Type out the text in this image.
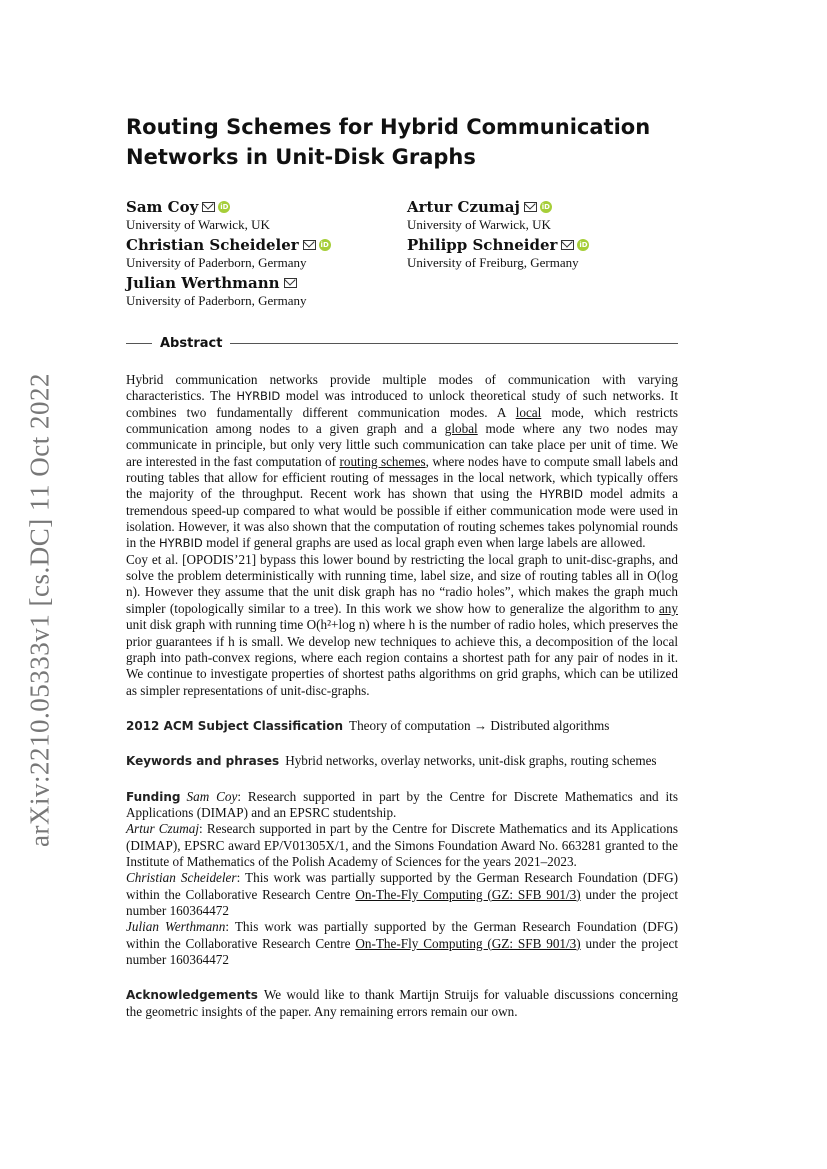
arXiv:2210.05333v1 [cs.DC] 11 Oct 2022
Routing Schemes for Hybrid Communication Networks in Unit-Disk Graphs
Sam Coy	iD
University of Warwick, UK
Artur Czumaj	iD
University of Warwick, UK
Christian Scheideler	iD
University of Paderborn, Germany
Philipp Schneider	iD
University of Freiburg, Germany
Julian Werthmann
University of Paderborn, Germany
Abstract

Hybrid communication networks provide multiple modes of communication with varying characteristics. The HYRBID model was introduced to unlock theoretical study of such networks. It combines two fundamentally different communication modes. A local mode, which restricts communication among nodes to a given graph and a global mode where any two nodes may communicate in principle, but only very little such communication can take place per unit of time. We are interested in the fast computation of routing schemes, where nodes have to compute small labels and routing tables that allow for efficient routing of messages in the local network, which typically offers the majority of the throughput. Recent work has shown that using the HYRBID model admits a tremendous speed-up compared to what would be possible if either communication mode were used in isolation. However, it was also shown that the computation of routing schemes takes polynomial rounds in the HYRBID model if general graphs are used as local graph even when large labels are allowed.

Coy et al. [OPODIS’21] bypass this lower bound by restricting the local graph to unit-disc-graphs, and solve the problem deterministically with running time, label size, and size of routing tables all in O(log n). However they assume that the unit disk graph has no “radio holes”, which makes the graph much simpler (topologically similar to a tree). In this work we show how to generalize the algorithm to any unit disk graph with running time O(h²+log n) where h is the number of radio holes, which preserves the prior guarantees if h is small. We develop new techniques to achieve this, a decomposition of the local graph into path-convex regions, where each region contains a shortest path for any pair of nodes in it. We continue to investigate properties of shortest paths algorithms on grid graphs, which can be utilized as simpler representations of unit-disc-graphs.

2012 ACM Subject Classification Theory of computation → Distributed algorithms
Keywords and phrases Hybrid networks, overlay networks, unit-disk graphs, routing schemes

Funding Sam Coy: Research supported in part by the Centre for Discrete Mathematics and its Applications (DIMAP) and an EPSRC studentship.

Artur Czumaj: Research supported in part by the Centre for Discrete Mathematics and its Applications (DIMAP), EPSRC award EP/V01305X/1, and the Simons Foundation Award No. 663281 granted to the Institute of Mathematics of the Polish Academy of Sciences for the years 2021–2023.

Christian Scheideler: This work was partially supported by the German Research Foundation (DFG) within the Collaborative Research Centre On-The-Fly Computing (GZ: SFB 901/3) under the project number 160364472

Julian Werthmann: This work was partially supported by the German Research Foundation (DFG) within the Collaborative Research Centre On-The-Fly Computing (GZ: SFB 901/3) under the project number 160364472

Acknowledgements We would like to thank Martijn Struijs for valuable discussions concerning the geometric insights of the paper. Any remaining errors remain our own.
